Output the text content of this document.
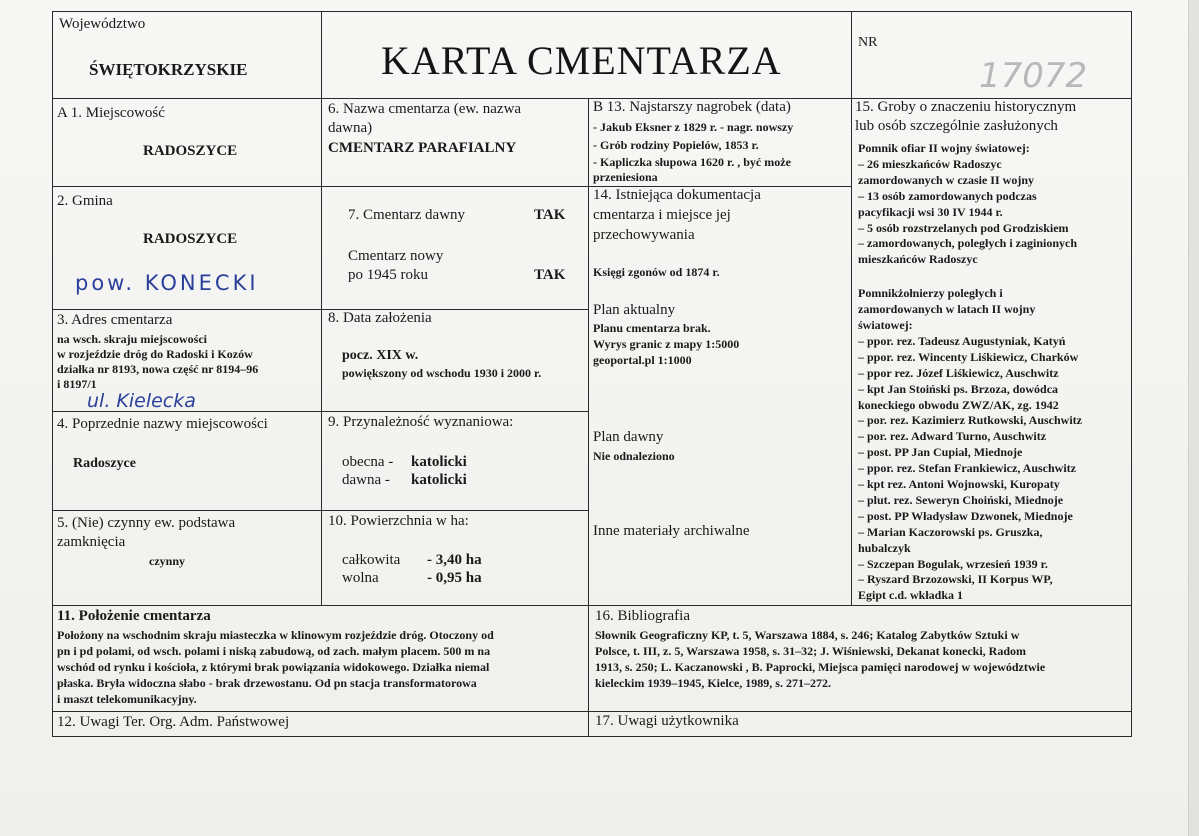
Województwo
ŚWIĘTOKRZYSKIE	KARTA CMENTARZA	NR
17072
A 1. Miejscowość
RADOSZYCE
2. Gmina
RADOSZYCE
pow. KONECKI
3. Adres cmentarza
na wsch. skraju miejscowości
w rozjeździe dróg do Radoski i Kozów
działka nr 8193, nowa część nr 8194–96
i 8197/1
ul. Kielecka
4. Poprzednie nazwy miejscowości
Radoszyce
5. (Nie) czynny ew. podstawa
zamknięcia
czynny
6. Nazwa cmentarza (ew. nazwa
dawna)
CMENTARZ PARAFIALNY
7. Cmentarz dawny	TAK
Cmentarz nowy
po 1945 roku	TAK
8. Data założenia
pocz. XIX w.
powiększony od wschodu 1930 i 2000 r.
9. Przynależność wyznaniowa:
obecna - katolicki
dawna - katolicki
10. Powierzchnia w ha:
całkowita - 3,40 ha
wolna	- 0,95 ha
B 13. Najstarszy nagrobek (data)
- Jakub Eksner z 1829 r. - nagr. nowszy
- Grób rodziny Popielów, 1853 r.
- Kapliczka słupowa 1620 r. , być może
przeniesiona
14. Istniejąca dokumentacja
cmentarza i miejsce jej
przechowywania
Księgi zgonów od 1874 r.
Plan aktualny
Planu cmentarza brak.
Wyrys granic z mapy 1:5000
geoportal.pl 1:1000
Plan dawny
Nie odnaleziono
Inne materiały archiwalne
15. Groby o znaczeniu historycznym
lub osób szczególnie zasłużonych
Pomnik ofiar II wojny światowej:
– 26 mieszkańców Radoszyc
zamordowanych w czasie II wojny
– 13 osób zamordowanych podczas
pacyfikacji wsi 30 IV 1944 r.
– 5 osób rozstrzelanych pod Grodziskiem
– zamordowanych, poległych i zaginionych
mieszkańców Radoszyc
Pomnikżołnierzy poległych i
zamordowanych w latach II wojny
światowej:
– ppor. rez. Tadeusz Augustyniak, Katyń
– ppor. rez. Wincenty Liśkiewicz, Charków
– ppor rez. Józef Liśkiewicz, Auschwitz
– kpt Jan Stoiński ps. Brzoza, dowódca
koneckiego obwodu ZWZ/AK, zg. 1942
– por. rez. Kazimierz Rutkowski, Auschwitz
– por. rez. Adward Turno, Auschwitz
– post. PP Jan Cupiał, Miednoje
– ppor. rez. Stefan Frankiewicz, Auschwitz
– kpt rez. Antoni Wojnowski, Kuropaty
– plut. rez. Seweryn Choiński, Miednoje
– post. PP Władysław Dzwonek, Miednoje
– Marian Kaczorowski ps. Gruszka,
hubalczyk
– Szczepan Bogulak, wrzesień 1939 r.
– Ryszard Brzozowski, II Korpus WP,
Egipt c.d. wkładka 1
11. Położenie cmentarza
Położony na wschodnim skraju miasteczka w klinowym rozjeździe dróg. Otoczony od
pn i pd polami, od wsch. polami i niską zabudową, od zach. małym placem. 500 m na
wschód od rynku i kościoła, z którymi brak powiązania widokowego. Działka niemal
płaska. Bryła widoczna słabo - brak drzewostanu. Od pn stacja transformatorowa
i maszt telekomunikacyjny.
16. Bibliografia
Słownik Geograficzny KP, t. 5, Warszawa 1884, s. 246; Katalog Zabytków Sztuki w
Polsce, t. III, z. 5, Warszawa 1958, s. 31–32; J. Wiśniewski, Dekanat konecki, Radom
1913, s. 250; L. Kaczanowski , B. Paprocki, Miejsca pamięci narodowej w województwie
kieleckim 1939–1945, Kielce, 1989, s. 271–272.
12. Uwagi Ter. Org. Adm. Państwowej	17. Uwagi użytkownika
